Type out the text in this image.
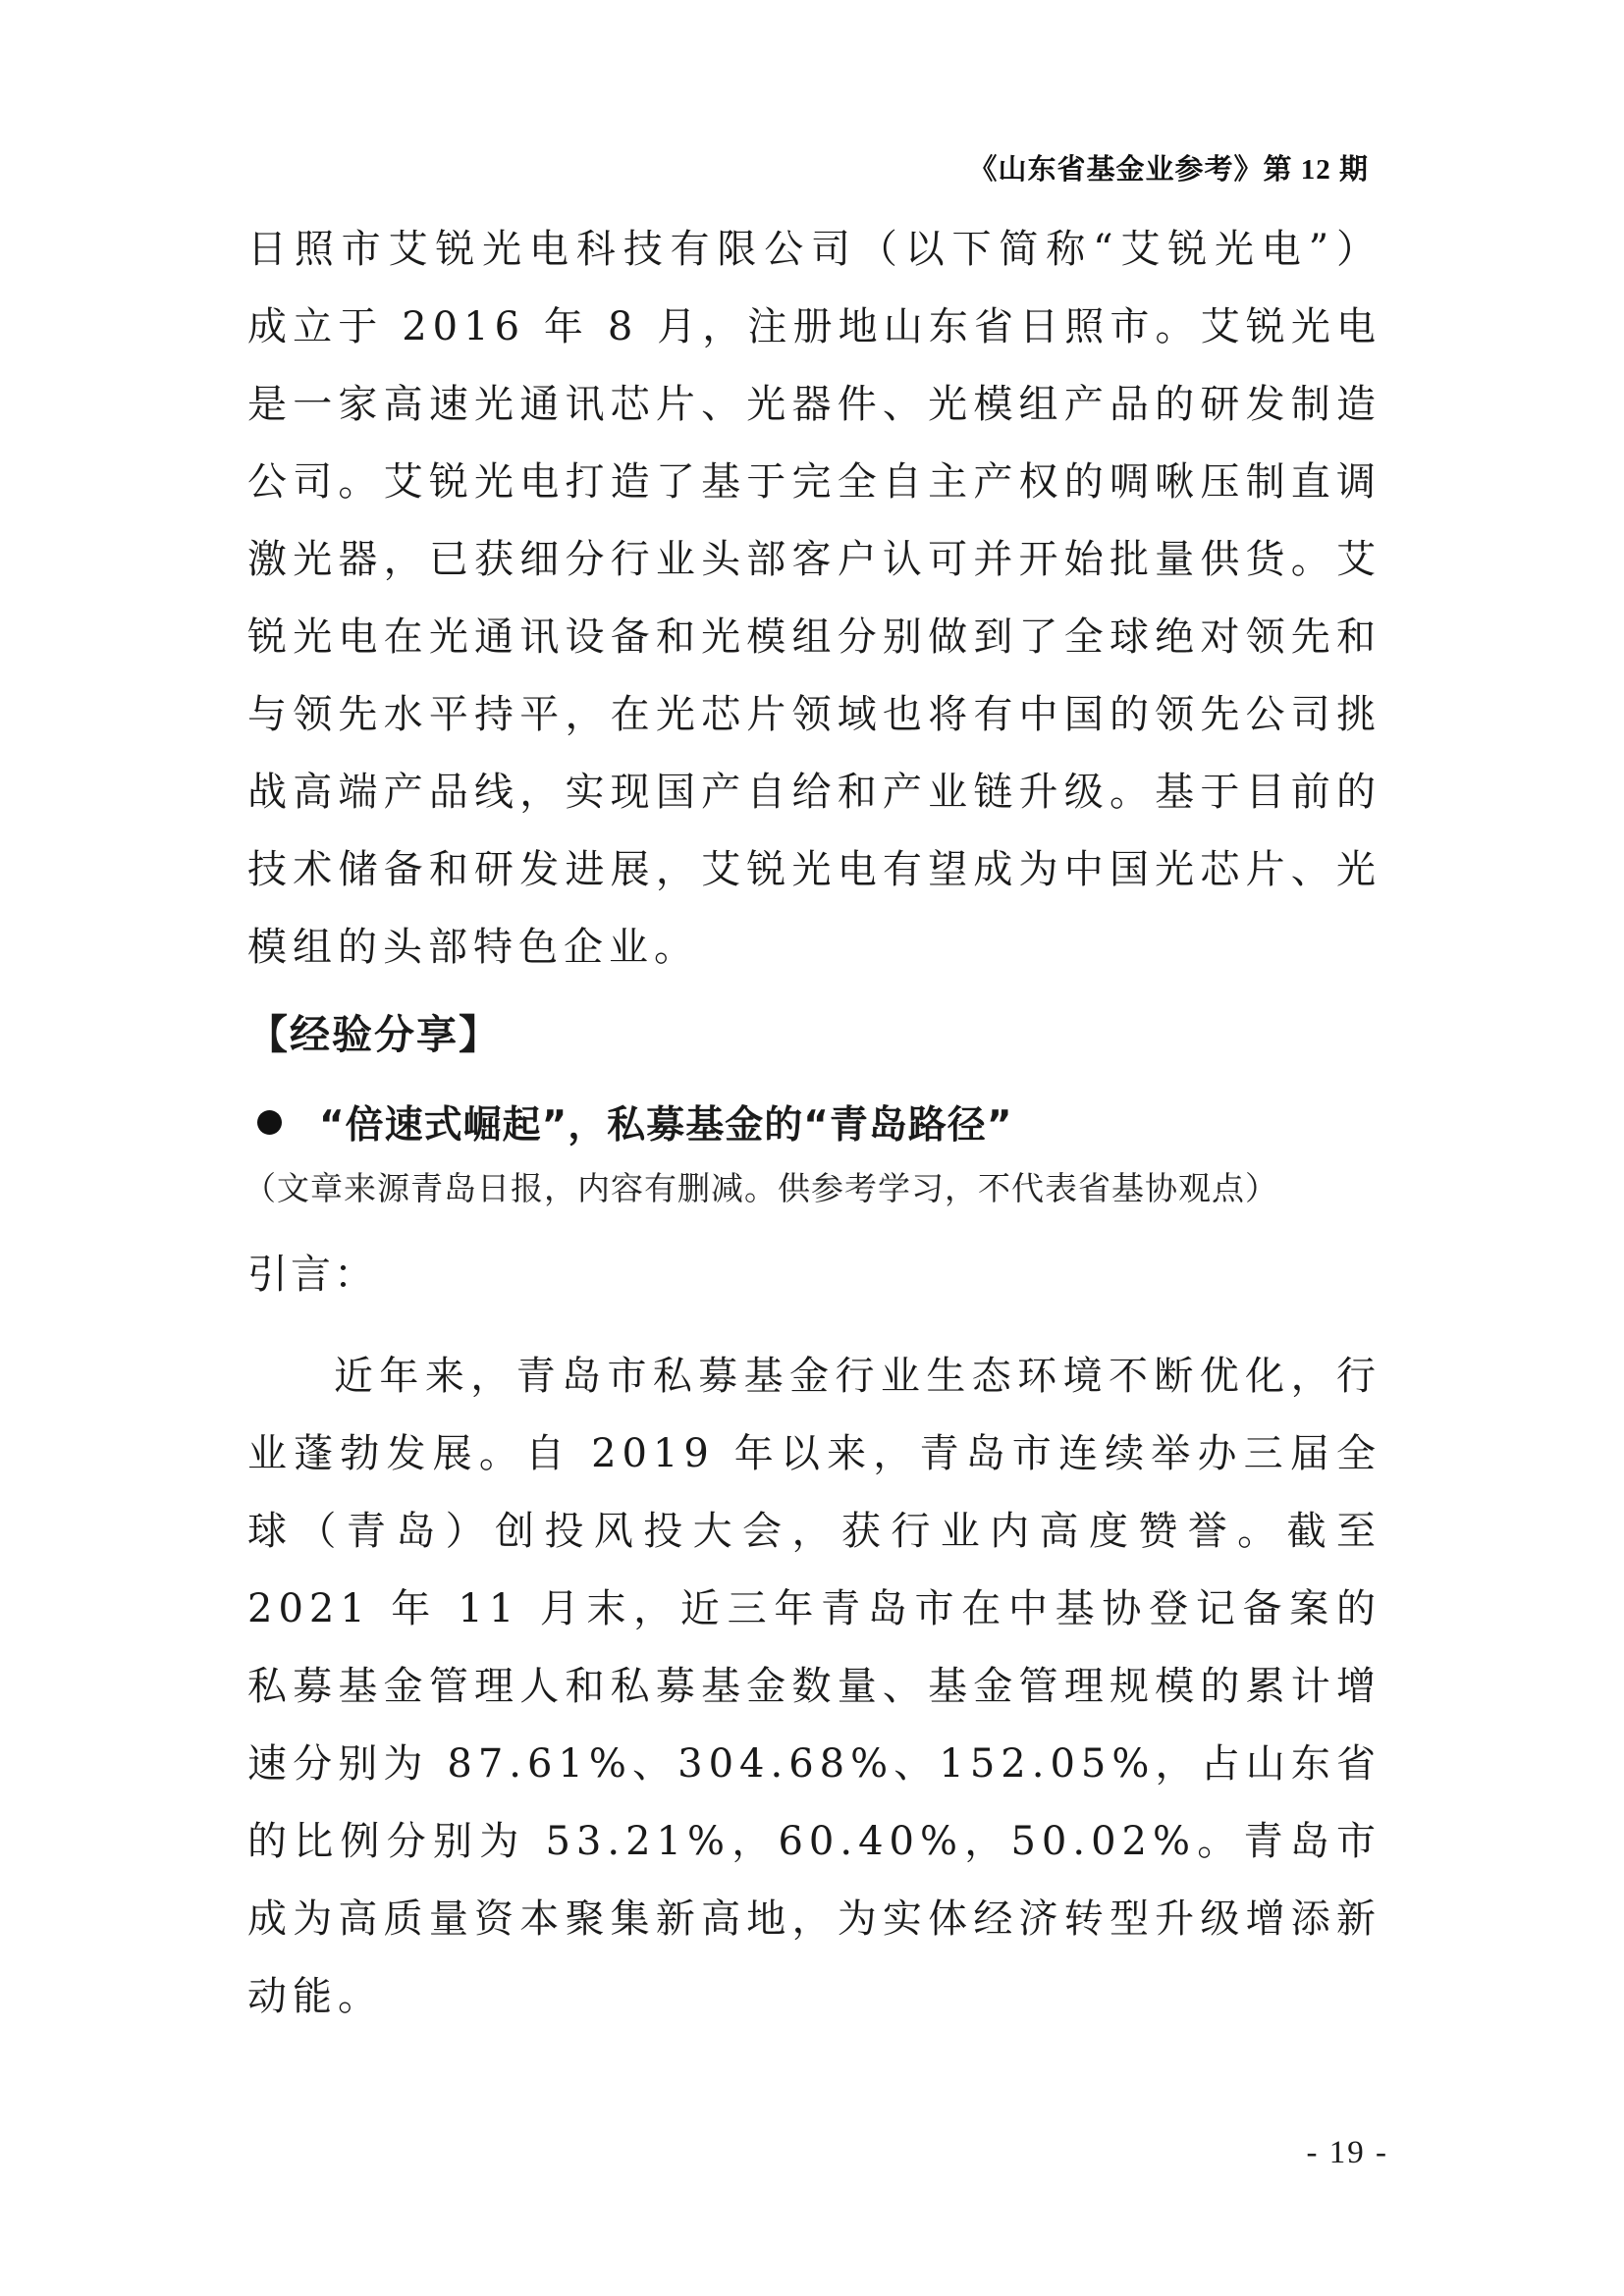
《山东省基金业参考》第 12 期

日照市艾锐光电科技有限公司（以下简称“艾锐光电”）成立于 2016 年 8 月，注册地山东省日照市。艾锐光电是一家高速光通讯芯片、光器件、光模组产品的研发制造公司。艾锐光电打造了基于完全自主产权的啁啾压制直调激光器，已获细分行业头部客户认可并开始批量供货。艾锐光电在光通讯设备和光模组分别做到了全球绝对领先和与领先水平持平，在光芯片领域也将有中国的领先公司挑战高端产品线，实现国产自给和产业链升级。基于目前的技术储备和研发进展，艾锐光电有望成为中国光芯片、光模组的头部特色企业。

【经验分享】
“倍速式崛起”，私募基金的“青岛路径”
（文章来源青岛日报，内容有删减。供参考学习，不代表省基协观点）
引言：

近年来，青岛市私募基金行业生态环境不断优化，行业蓬勃发展。自 2019 年以来，青岛市连续举办三届全球（青岛）创投风投大会，获行业内高度赞誉。截至 2021 年 11 月末，近三年青岛市在中基协登记备案的私募基金管理人和私募基金数量、基金管理规模的累计增速分别为 87.61%、304.68%、152.05%，占山东省的比例分别为 53.21%，60.40%，50.02%。青岛市成为高质量资本聚集新高地，为实体经济转型升级增添新动能。

- 19 -
